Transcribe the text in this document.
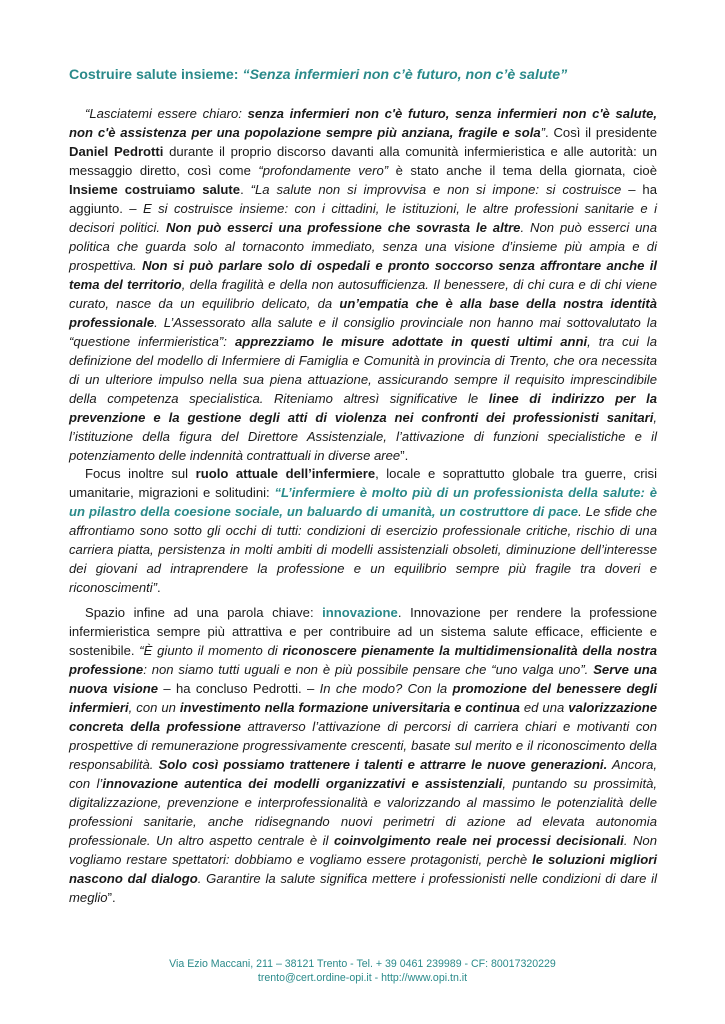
Costruire salute insieme: “Senza infermieri non c’è futuro, non c’è salute”

“Lasciatemi essere chiaro: senza infermieri non c'è futuro, senza infermieri non c'è salute, non c'è assistenza per una popolazione sempre più anziana, fragile e sola”. Così il presidente Daniel Pedrotti durante il proprio discorso davanti alla comunità infermieristica e alle autorità: un messaggio diretto, così come “profondamente vero” è stato anche il tema della giornata, cioè Insieme costruiamo salute. “La salute non si improvvisa e non si impone: si costruisce – ha aggiunto. – E si costruisce insieme: con i cittadini, le istituzioni, le altre professioni sanitarie e i decisori politici. Non può esserci una professione che sovrasta le altre. Non può esserci una politica che guarda solo al tornaconto immediato, senza una visione d’insieme più ampia e di prospettiva. Non si può parlare solo di ospedali e pronto soccorso senza affrontare anche il tema del territorio, della fragilità e della non autosufficienza. Il benessere, di chi cura e di chi viene curato, nasce da un equilibrio delicato, da un’empatia che è alla base della nostra identità professionale. L’Assessorato alla salute e il consiglio provinciale non hanno mai sottovalutato la “questione infermieristica”: apprezziamo le misure adottate in questi ultimi anni, tra cui la definizione del modello di Infermiere di Famiglia e Comunità in provincia di Trento, che ora necessita di un ulteriore impulso nella sua piena attuazione, assicurando sempre il requisito imprescindibile della competenza specialistica. Riteniamo altresì significative le linee di indirizzo per la prevenzione e la gestione degli atti di violenza nei confronti dei professionisti sanitari, l’istituzione della figura del Direttore Assistenziale, l’attivazione di funzioni specialistiche e il potenziamento delle indennità contrattuali in diverse aree”.

Focus inoltre sul ruolo attuale dell’infermiere, locale e soprattutto globale tra guerre, crisi umanitarie, migrazioni e solitudini: “L’infermiere è molto più di un professionista della salute: è un pilastro della coesione sociale, un baluardo di umanità, un costruttore di pace. Le sfide che affrontiamo sono sotto gli occhi di tutti: condizioni di esercizio professionale critiche, rischio di una carriera piatta, persistenza in molti ambiti di modelli assistenziali obsoleti, diminuzione dell’interesse dei giovani ad intraprendere la professione e un equilibrio sempre più fragile tra doveri e riconoscimenti”.

Spazio infine ad una parola chiave: innovazione. Innovazione per rendere la professione infermieristica sempre più attrattiva e per contribuire ad un sistema salute efficace, efficiente e sostenibile. “È giunto il momento di riconoscere pienamente la multidimensionalità della nostra professione: non siamo tutti uguali e non è più possibile pensare che “uno valga uno”. Serve una nuova visione – ha concluso Pedrotti. – In che modo? Con la promozione del benessere degli infermieri, con un investimento nella formazione universitaria e continua ed una valorizzazione concreta della professione attraverso l’attivazione di percorsi di carriera chiari e motivanti con prospettive di remunerazione progressivamente crescenti, basate sul merito e il riconoscimento della responsabilità. Solo così possiamo trattenere i talenti e attrarre le nuove generazioni. Ancora, con l’innovazione autentica dei modelli organizzativi e assistenziali, puntando su prossimità, digitalizzazione, prevenzione e interprofessionalità e valorizzando al massimo le potenzialità delle professioni sanitarie, anche ridisegnando nuovi perimetri di azione ad elevata autonomia professionale. Un altro aspetto centrale è il coinvolgimento reale nei processi decisionali. Non vogliamo restare spettatori: dobbiamo e vogliamo essere protagonisti, perchè le soluzioni migliori nascono dal dialogo. Garantire la salute significa mettere i professionisti nelle condizioni di dare il meglio”.

Via Ezio Maccani, 211 – 38121 Trento - Tel. + 39 0461 239989 - CF: 80017320229
trento@cert.ordine-opi.it - http://www.opi.tn.it
